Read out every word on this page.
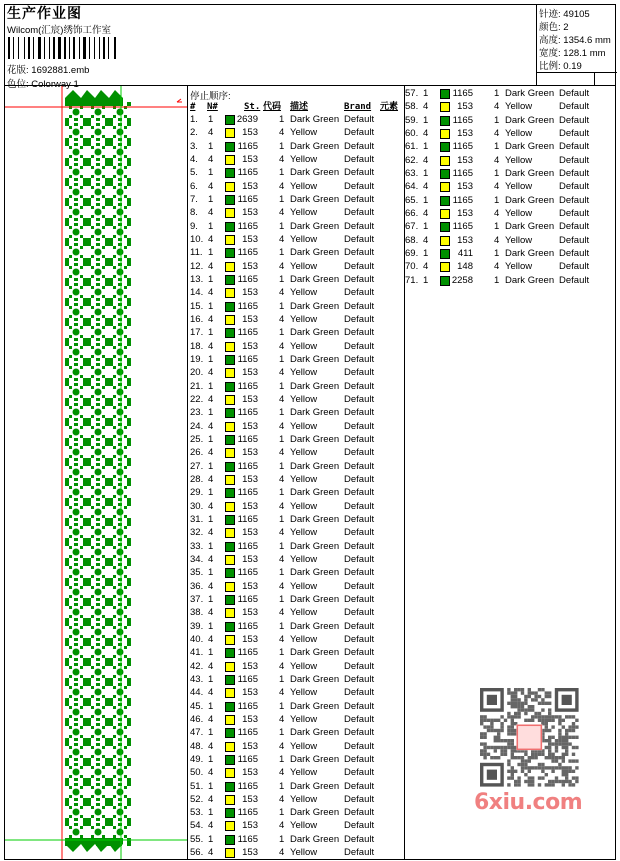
生产作业图
Wilcom(汇宸)绣饰工作室
花版: 1692881.emb
色位: Colorway 1
针迹: 49105
颜色: 2
高度: 1354.6 mm
宽度: 128.1 mm
比例: 0.19
停止顺序:
# N#	St. 代码 描述	Brand 元素
1. 1	2639 1 Dark Green Default
2. 4	153 4 Yellow	Default
3. 1	1165 1 Dark Green Default
4. 4	153 4 Yellow	Default
5. 1	1165 1 Dark Green Default
6. 4	153 4 Yellow	Default
7. 1	1165 1 Dark Green Default
8. 4	153 4 Yellow	Default
9. 1	1165 1 Dark Green Default
10. 4	153 4 Yellow	Default
11. 1	1165 1 Dark Green Default
12. 4	153 4 Yellow	Default
13. 1	1165 1 Dark Green Default
14. 4	153 4 Yellow	Default
15. 1	1165 1 Dark Green Default
16. 4	153 4 Yellow	Default
17. 1	1165 1 Dark Green Default
18. 4	153 4 Yellow	Default
19. 1	1165 1 Dark Green Default
20. 4	153 4 Yellow	Default
21. 1	1165 1 Dark Green Default
22. 4	153 4 Yellow	Default
23. 1	1165 1 Dark Green Default
24. 4	153 4 Yellow	Default
25. 1	1165 1 Dark Green Default
26. 4	153 4 Yellow	Default
27. 1	1165 1 Dark Green Default
28. 4	153 4 Yellow	Default
29. 1	1165 1 Dark Green Default
30. 4	153 4 Yellow	Default
31. 1	1165 1 Dark Green Default
32. 4	153 4 Yellow	Default
33. 1	1165 1 Dark Green Default
34. 4	153 4 Yellow	Default
35. 1	1165 1 Dark Green Default
36. 4	153 4 Yellow	Default
37. 1	1165 1 Dark Green Default
38. 4	153 4 Yellow	Default
39. 1	1165 1 Dark Green Default
40. 4	153 4 Yellow	Default
41. 1	1165 1 Dark Green Default
42. 4	153 4 Yellow	Default
43. 1	1165 1 Dark Green Default
44. 4	153 4 Yellow	Default
45. 1	1165 1 Dark Green Default
46. 4	153 4 Yellow	Default
47. 1	1165 1 Dark Green Default
48. 4	153 4 Yellow	Default
49. 1	1165 1 Dark Green Default
50. 4	153 4 Yellow	Default
51. 1	1165 1 Dark Green Default
52. 4	153 4 Yellow	Default
53. 1	1165 1 Dark Green Default
54. 4	153 4 Yellow	Default
55. 1	1165 1 Dark Green Default
56. 4	153 4 Yellow	Default
57. 1	1165 1 Dark Green Default
58. 4	153 4 Yellow	Default
59. 1	1165 1 Dark Green Default
60. 4	153 4 Yellow	Default
61. 1	1165 1 Dark Green Default
62. 4	153 4 Yellow	Default
63. 1	1165 1 Dark Green Default
64. 4	153 4 Yellow	Default
65. 1	1165 1 Dark Green Default
66. 4	153 4 Yellow	Default
67. 1	1165 1 Dark Green Default
68. 4	153 4 Yellow	Default
69. 1	411 1 Dark Green Default
70. 4	148 4 Yellow	Default
71. 1	2258 1 Dark Green Default
6xiu.com
